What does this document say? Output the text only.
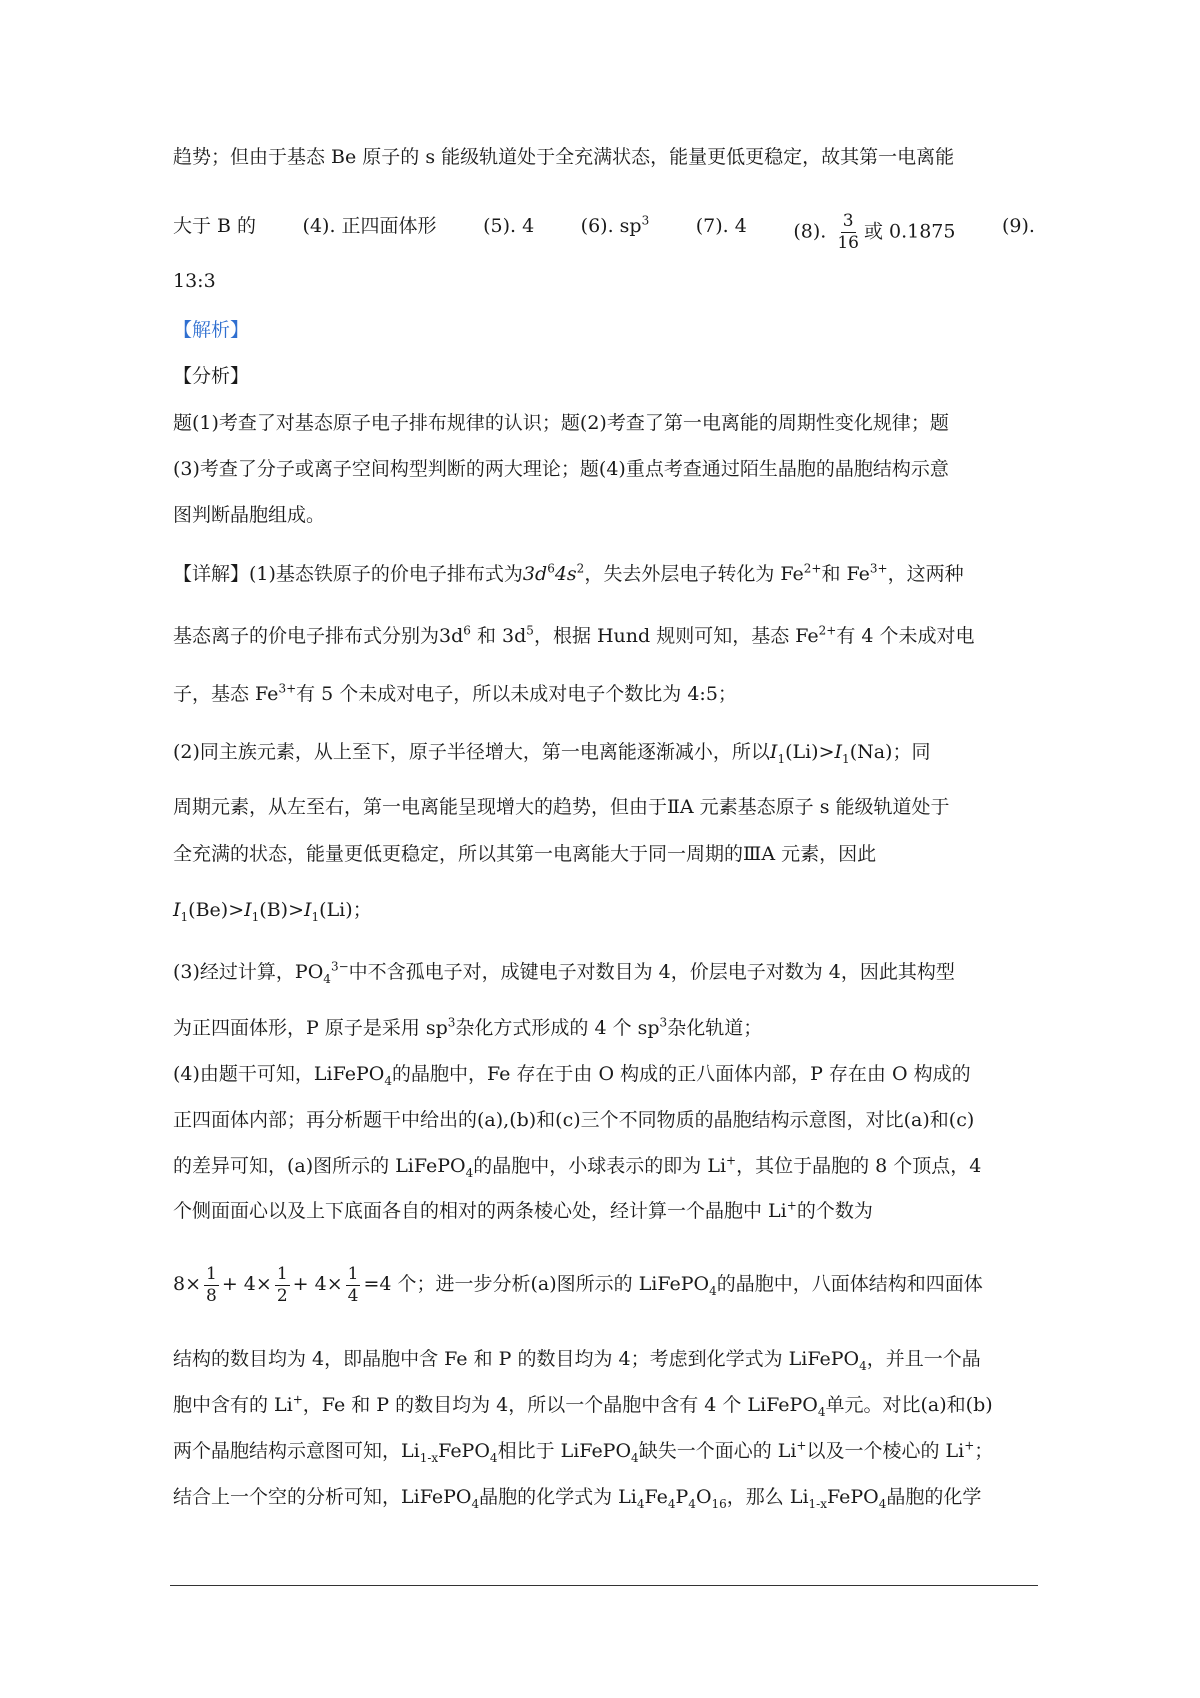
趋势；但由于基态 Be 原子的 s 能级轨道处于全充满状态，能量更低更稳定，故其第一电离能
大于 B 的 (4). 正四面体形 (5). 4 (6). $sp^3$ (7). 4 (8). $\frac{3}{16}$ 或 0.1875 (9).
13:3
【解析】
【分析】
题(1)考查了对基态原子电子排布规律的认识；题(2)考查了第一电离能的周期性变化规律；题
(3)考查了分子或离子空间构型判断的两大理论；题(4)重点考查通过陌生晶胞的晶胞结构示意
图判断晶胞组成。
【详解】(1)基态铁原子的价电子排布式为$3d^64s^2$，失去外层电子转化为 $Fe^{2+}$和 $Fe^{3+}$，这两种
基态离子的价电子排布式分别为$3d^6$ 和 $3d^5$，根据 Hund 规则可知，基态 $Fe^{2+}$有 4 个未成对电
子，基态 $Fe^{3+}$有 5 个未成对电子，所以未成对电子个数比为 4:5；
(2)同主族元素，从上至下，原子半径增大，第一电离能逐渐减小，所以$I_1(Li)>I_1(Na)$；同
周期元素，从左至右，第一电离能呈现增大的趋势，但由于ⅡA 元素基态原子 s 能级轨道处于
全充满的状态，能量更低更稳定，所以其第一电离能大于同一周期的ⅢA 元素，因此
$I_1(Be)>I_1(B)>I_1(Li)$；
(3)经过计算，$PO_4^{3-}$中不含孤电子对，成键电子对数目为 4，价层电子对数为 4，因此其构型
为正四面体形，P 原子是采用 $sp^3$杂化方式形成的 4 个 $sp^3$杂化轨道；
(4)由题干可知，LiFePO$_4$的晶胞中，Fe 存在于由 O 构成的正八面体内部，P 存在由 O 构成的
正四面体内部；再分析题干中给出的(a),(b)和(c)三个不同物质的晶胞结构示意图，对比(a)和(c)
的差异可知，(a)图所示的 LiFePO$_4$的晶胞中，小球表示的即为 Li+，其位于晶胞的 8 个顶点，4
个侧面面心以及上下底面各自的相对的两条棱心处，经计算一个晶胞中 Li+的个数为
$8\times \frac{1}{8} + 4\times \frac{1}{2} + 4\times \frac{1}{4} =4$ 个；进一步分析(a)图所示的 LiFePO$_4$的晶胞中，八面体结构和四面体
结构的数目均为 4，即晶胞中含 Fe 和 P 的数目均为 4；考虑到化学式为 LiFePO$_4$，并且一个晶
胞中含有的 Li+，Fe 和 P 的数目均为 4，所以一个晶胞中含有 4 个 LiFePO$_4$单元。对比(a)和(b)
两个晶胞结构示意图可知，$Li_{1-x}FePO_4$相比于 LiFePO$_4$缺失一个面心的 Li+以及一个棱心的 Li+；
结合上一个空的分析可知，LiFePO$_4$晶胞的化学式为 $Li_4Fe_4P_4O_{16}$，那么 $Li_{1-x}FePO_4$晶胞的化学
